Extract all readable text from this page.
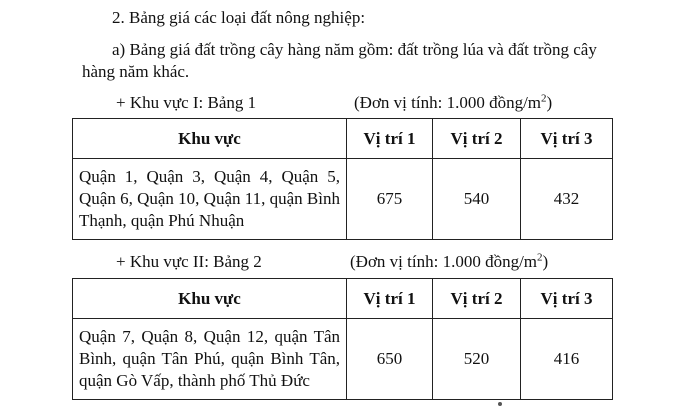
2. Bảng giá các loại đất nông nghiệp:
a) Bảng giá đất trồng cây hàng năm gồm: đất trồng lúa và đất trồng cây
hàng năm khác.
+ Khu vực I: Bảng 1	(Đơn vị tính: 1.000 đồng/$m^2$)
Khu vực	Vị trí 1	Vị trí 2	Vị trí 3
Quận 1, Quận 3, Quận 4, Quận 5, Quận 6, Quận 10, Quận 11, quận Bình Thạnh, quận Phú Nhuận	675	540	432
+ Khu vực II: Bảng 2	(Đơn vị tính: 1.000 đồng/$m^2$)
Khu vực	Vị trí 1	Vị trí 2	Vị trí 3
Quận 7, Quận 8, Quận 12, quận Tân Bình, quận Tân Phú, quận Bình Tân, quận Gò Vấp, thành phố Thủ Đức	650	520	416
